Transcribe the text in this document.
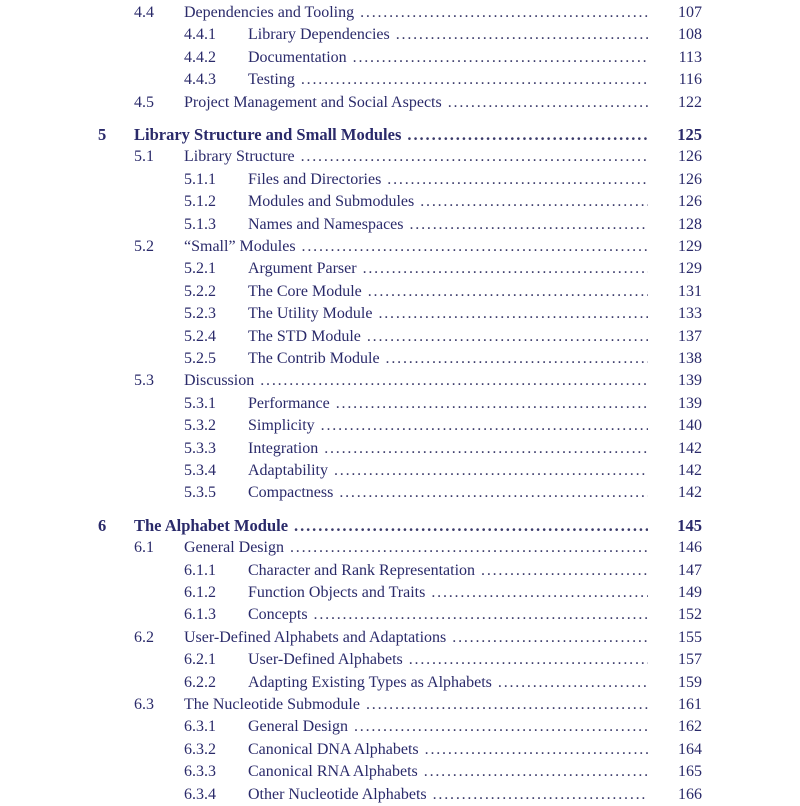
4.4 Dependencies and Tooling . . .	107
4.4.1 Library Dependencies . . .	108
4.4.2 Documentation . . .	113
4.4.3 Testing . . .	116
4.5 Project Management and Social Aspects . . .	122
5 Library Structure and Small Modules . . .	125
5.1 Library Structure . . .	126
5.1.1 Files and Directories . . .	126
5.1.2 Modules and Submodules . . .	126
5.1.3 Names and Namespaces . . .	128
5.2 “Small” Modules . . .	129
5.2.1 Argument Parser . . .	129
5.2.2 The Core Module . . .	131
5.2.3 The Utility Module . . .	133
5.2.4 The STD Module . . .	137
5.2.5 The Contrib Module . . .	138
5.3 Discussion . . .	139
5.3.1 Performance . . .	139
5.3.2 Simplicity . . .	140
5.3.3 Integration . . .	142
5.3.4 Adaptability . . .	142
5.3.5 Compactness . . .	142
6 The Alphabet Module . . .	145
6.1 General Design . . .	146
6.1.1 Character and Rank Representation . . .	147
6.1.2 Function Objects and Traits . . .	149
6.1.3 Concepts . . .	152
6.2 User-Defined Alphabets and Adaptations . . .	155
6.2.1 User-Defined Alphabets . . .	157
6.2.2 Adapting Existing Types as Alphabets . . .	159
6.3 The Nucleotide Submodule . . .	161
6.3.1 General Design . . .	162
6.3.2 Canonical DNA Alphabets . . .	164
6.3.3 Canonical RNA Alphabets . . .	165
6.3.4 Other Nucleotide Alphabets . . .	166
